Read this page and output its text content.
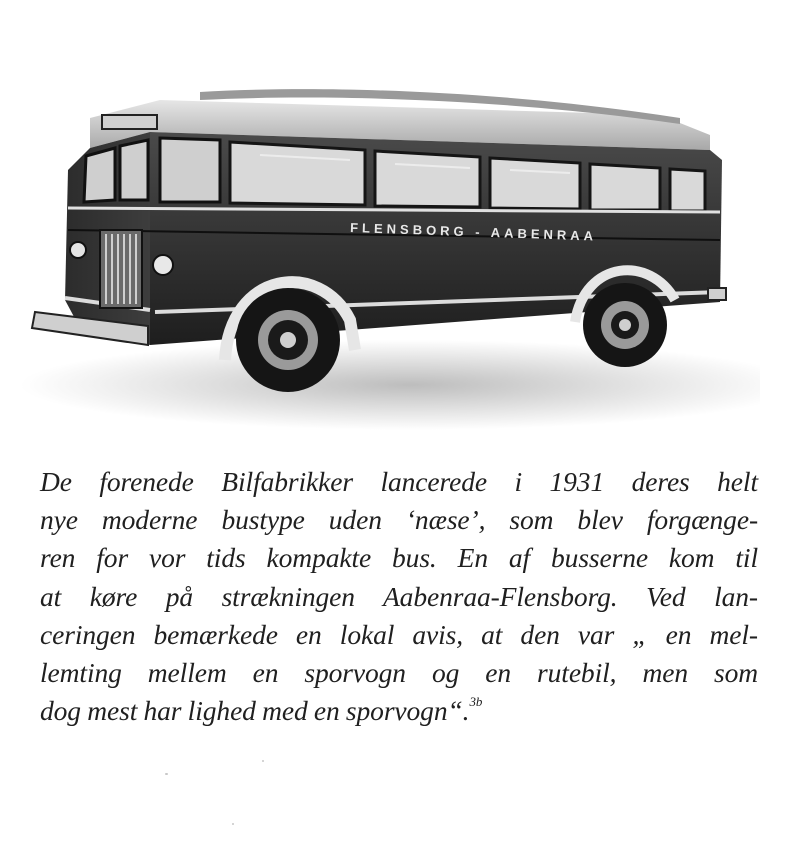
FLENSBORG - AABENRAA
De forenede Bilfabrikker lancerede i 1931 deres helt
nye moderne bustype uden ‘næse’, som blev forgænge-
ren for vor tids kompakte bus. En af busserne kom til
at køre på strækningen Aabenraa-Flensborg. Ved lan-
ceringen bemærkede en lokal avis, at den var „ en mel-
lemting mellem en sporvogn og en rutebil, men som
dog mest har lighed med en sporvogn“.$^{3b}$
